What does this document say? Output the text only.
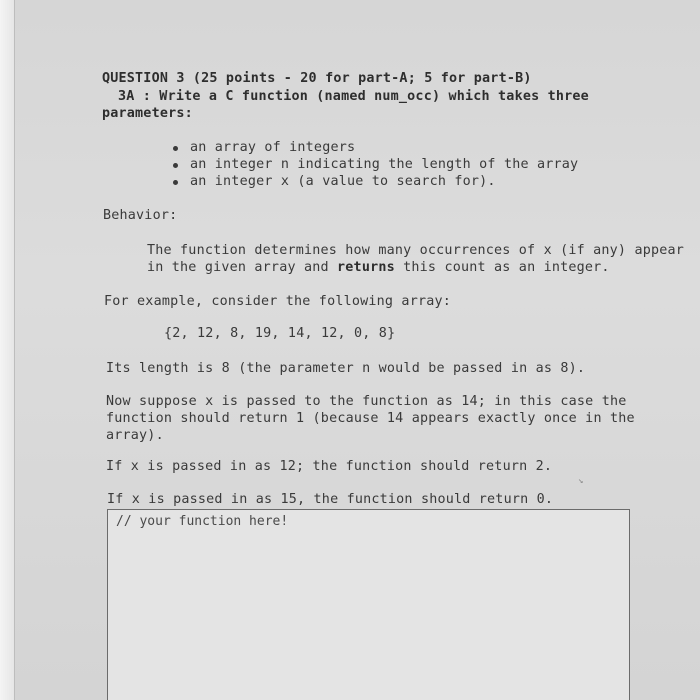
QUESTION 3 (25 points - 20 for part-A; 5 for part-B)
3A : Write a C function (named num_occ) which takes three
parameters:
an array of integers
an integer n indicating the length of the array
an integer x (a value to search for).
Behavior:
The function determines how many occurrences of x (if any) appear
in the given array and returns this count as an integer.
For example, consider the following array:
{2, 12, 8, 19, 14, 12, 0, 8}
Its length is 8 (the parameter n would be passed in as 8).
Now suppose x is passed to the function as 14; in this case the
function should return 1 (because 14 appears exactly once in the
array).
If x is passed in as 12; the function should return 2.
If x is passed in as 15, the function should return 0.
↘
// your function here!
